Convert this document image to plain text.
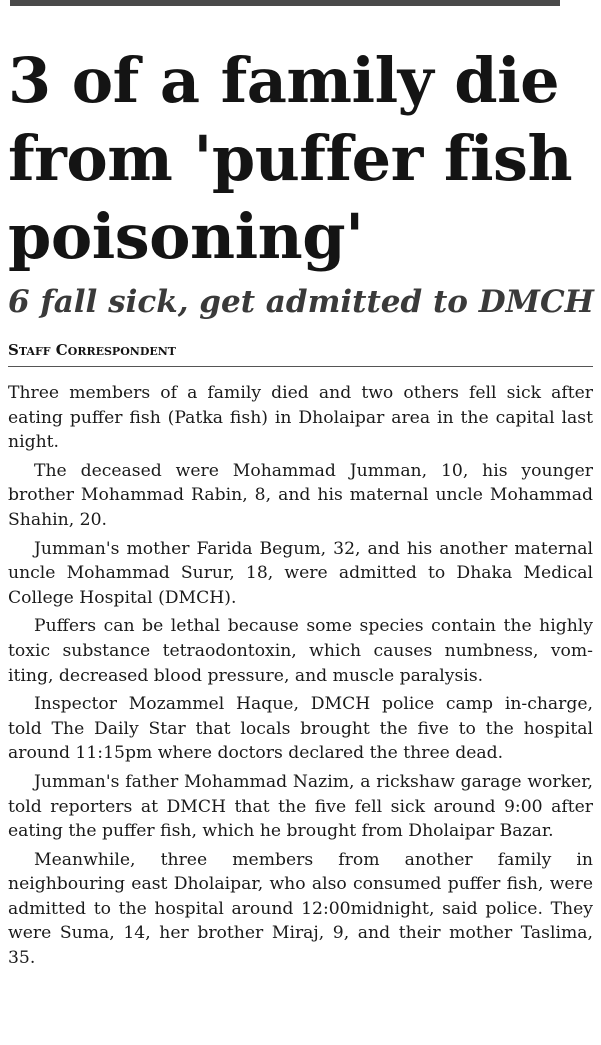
3 of a family die from 'puffer fish poisoning'
6 fall sick, get admitted to DMCH
Staff Correspondent

Three members of a family died and two others fell sick after eating puffer fish (Patka fish) in Dholaipar area in the capital last night.

The deceased were Mohammad Jumman, 10, his younger brother Mohammad Rabin, 8, and his maternal uncle Mohammad Shahin, 20.

Jumman's mother Farida Begum, 32, and his another maternal uncle Mohammad Surur, 18, were admitted to Dhaka Medical College Hospital (DMCH).

Puffers can be lethal because some species contain the highly toxic substance tetraodontoxin, which causes numbness, vom-iting, decreased blood pressure, and muscle paralysis.

Inspector Mozammel Haque, DMCH police camp in-charge, told The Daily Star that locals brought the five to the hospital around 11:15pm where doctors declared the three dead.

Jumman's father Mohammad Nazim, a rickshaw garage worker, told reporters at DMCH that the five fell sick around 9:00 after eating the puffer fish, which he brought from Dholaipar Bazar.

Meanwhile, three members from another family in neighbouring east Dholaipar, who also consumed puffer fish, were admitted to the hospital around 12:00midnight, said police. They were Suma, 14, her brother Miraj, 9, and their mother Taslima, 35.
